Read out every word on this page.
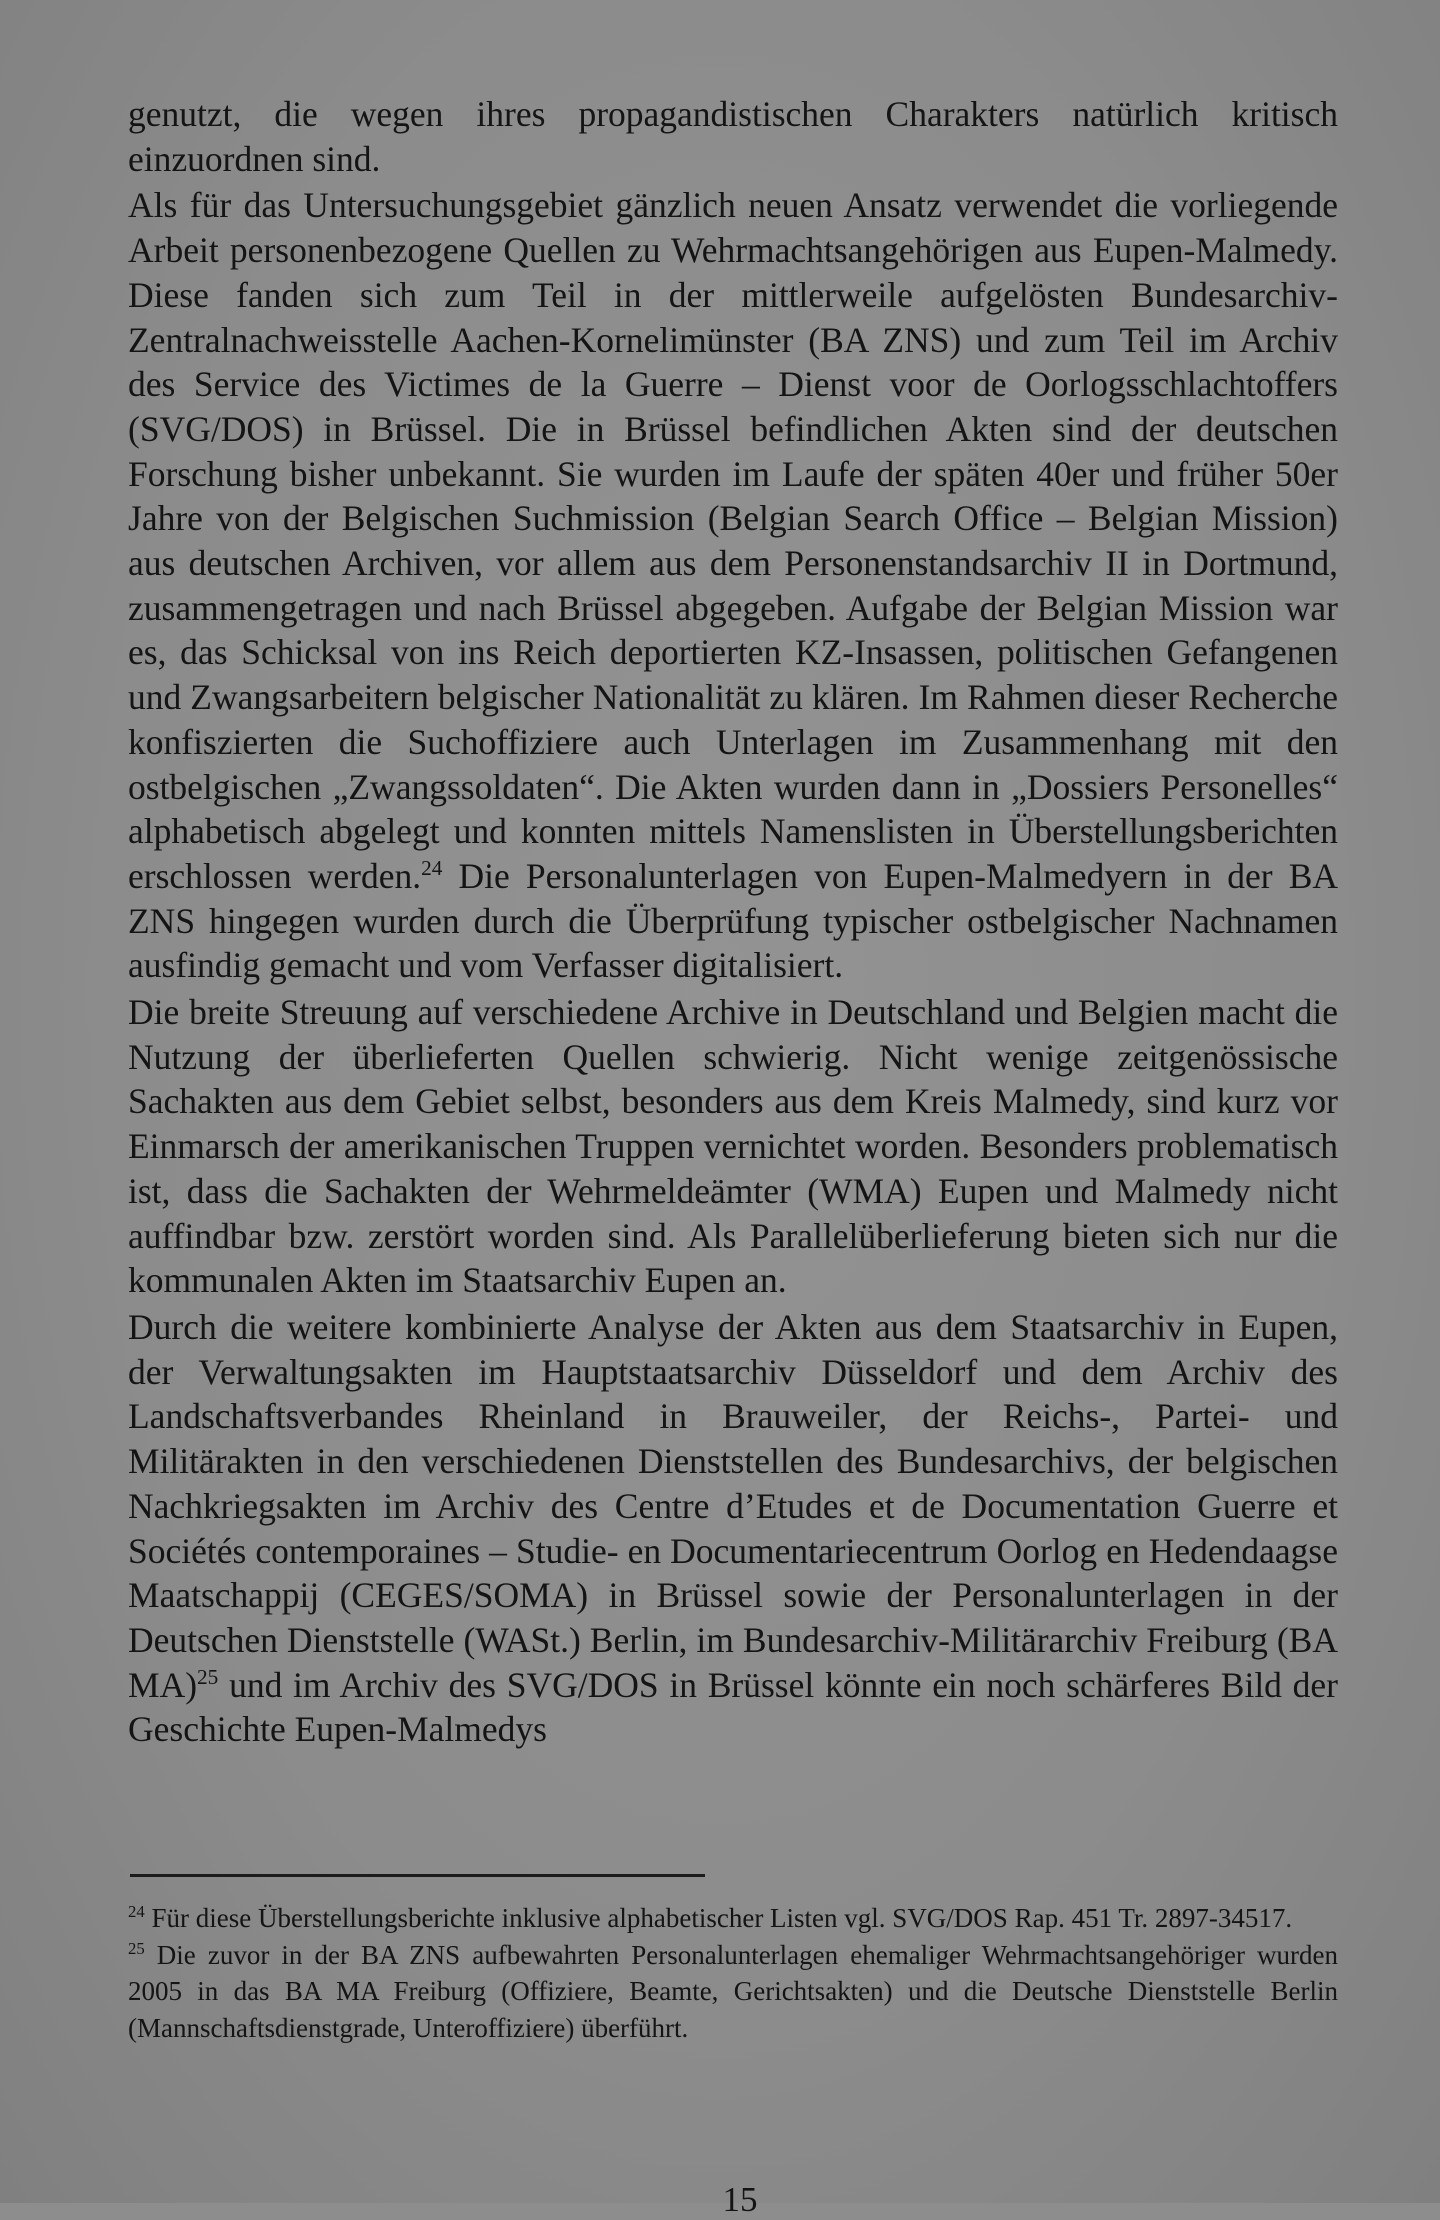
genutzt, die wegen ihres propagandistischen Charakters natürlich kritisch einzuordnen sind.

Als für das Untersuchungsgebiet gänzlich neuen Ansatz verwendet die vorliegende Arbeit personenbezogene Quellen zu Wehrmachtsangehörigen aus Eupen-Malmedy. Diese fanden sich zum Teil in der mittlerweile aufgelösten Bundesarchiv-Zentralnachweisstelle Aachen-Kornelimünster (BA ZNS) und zum Teil im Archiv des Service des Victimes de la Guerre – Dienst voor de Oorlogsschlachtoffers (SVG/DOS) in Brüssel. Die in Brüssel befindlichen Akten sind der deutschen Forschung bisher unbekannt. Sie wurden im Laufe der späten 40er und früher 50er Jahre von der Belgischen Suchmission (Belgian Search Office – Belgian Mission) aus deutschen Archiven, vor allem aus dem Personenstandsarchiv II in Dortmund, zusammengetragen und nach Brüssel abgegeben. Aufgabe der Belgian Mission war es, das Schicksal von ins Reich deportierten KZ-Insassen, politischen Gefangenen und Zwangsarbeitern belgischer Nationalität zu klären. Im Rahmen dieser Recherche konfiszierten die Suchoffiziere auch Unterlagen im Zusammenhang mit den ostbelgischen „Zwangssoldaten“. Die Akten wurden dann in „Dossiers Personelles“ alphabetisch abgelegt und konnten mittels Namenslisten in Überstellungsberichten erschlossen werden.$^{24}$ Die Personalunterlagen von Eupen-Malmedyern in der BA ZNS hingegen wurden durch die Überprüfung typischer ostbelgischer Nachnamen ausfindig gemacht und vom Verfasser digitalisiert.

Die breite Streuung auf verschiedene Archive in Deutschland und Belgien macht die Nutzung der überlieferten Quellen schwierig. Nicht wenige zeitgenössische Sachakten aus dem Gebiet selbst, besonders aus dem Kreis Malmedy, sind kurz vor Einmarsch der amerikanischen Truppen vernichtet worden. Besonders problematisch ist, dass die Sachakten der Wehrmeldeämter (WMA) Eupen und Malmedy nicht auffindbar bzw. zerstört worden sind. Als Parallelüberlieferung bieten sich nur die kommunalen Akten im Staatsarchiv Eupen an.

Durch die weitere kombinierte Analyse der Akten aus dem Staatsarchiv in Eupen, der Verwaltungsakten im Hauptstaatsarchiv Düsseldorf und dem Archiv des Landschaftsverbandes Rheinland in Brauweiler, der Reichs-, Partei- und Militärakten in den verschiedenen Dienststellen des Bundesarchivs, der belgischen Nachkriegsakten im Archiv des Centre d’Etudes et de Documentation Guerre et Sociétés contemporaines – Studie- en Documentariecentrum Oorlog en Hedendaagse Maatschappij (CEGES/SOMA) in Brüssel sowie der Personalunterlagen in der Deutschen Dienststelle (WASt.) Berlin, im Bundesarchiv-Militärarchiv Freiburg (BA MA)$^{25}$ und im Archiv des SVG/DOS in Brüssel könnte ein noch schärferes Bild der Geschichte Eupen-Malmedys

$^{24}$ Für diese Überstellungsberichte inklusive alphabetischer Listen vgl. SVG/DOS Rap. 451 Tr. 2897-34517.

$^{25}$ Die zuvor in der BA ZNS aufbewahrten Personalunterlagen ehemaliger Wehrmachtsangehöriger wurden 2005 in das BA MA Freiburg (Offiziere, Beamte, Gerichtsakten) und die Deutsche Dienststelle Berlin (Mannschaftsdienstgrade, Unteroffiziere) überführt.

15
